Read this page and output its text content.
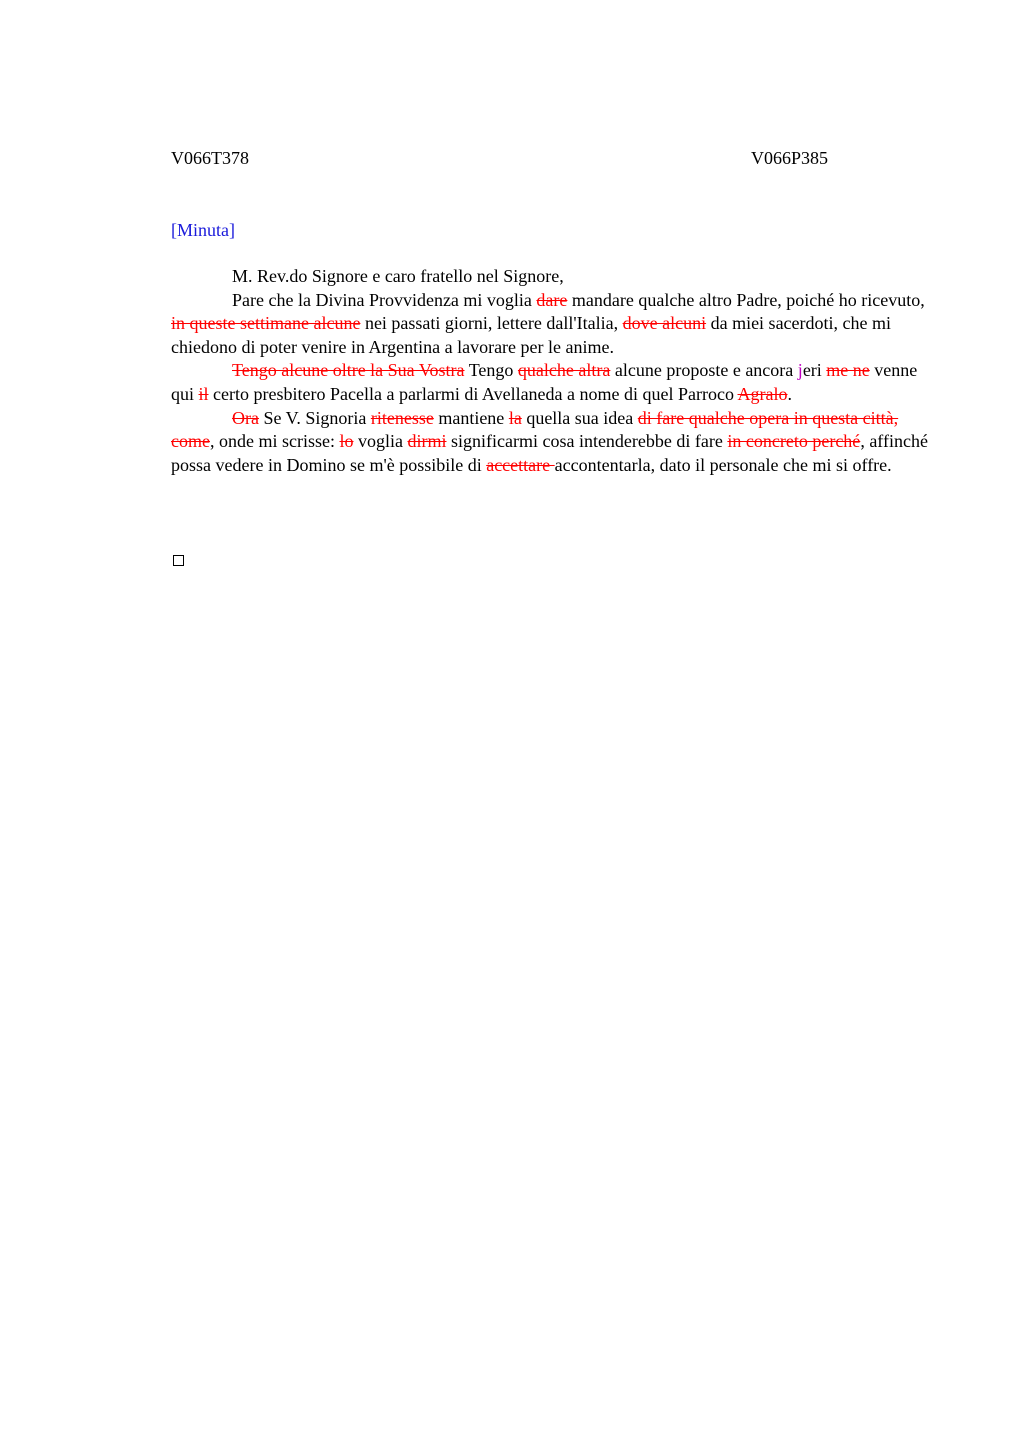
V066T378	V066P385
[Minuta]

M. Rev.do Signore e caro fratello nel Signore,

Pare che la Divina Provvidenza mi voglia dare mandare qualche altro Padre, poiché ho ricevuto, in queste settimane alcune nei passati giorni, lettere dall'Italia, dove alcuni da miei sacerdoti, che mi chiedono di poter venire in Argentina a lavorare per le anime.

Tengo alcune oltre la Sua Vostra Tengo qualche altra alcune proposte e ancora jeri me ne venne qui il certo presbitero Pacella a parlarmi di Avellaneda a nome di quel Parroco Agralo.

Ora Se V. Signoria ritenesse mantiene la quella sua idea di fare qualche opera in questa città, come, onde mi scrisse: lo voglia dirmi significarmi cosa intenderebbe di fare in concreto perché, affinché possa vedere in Domino se m'è possibile di accettare accontentarla, dato il personale che mi si offre.
